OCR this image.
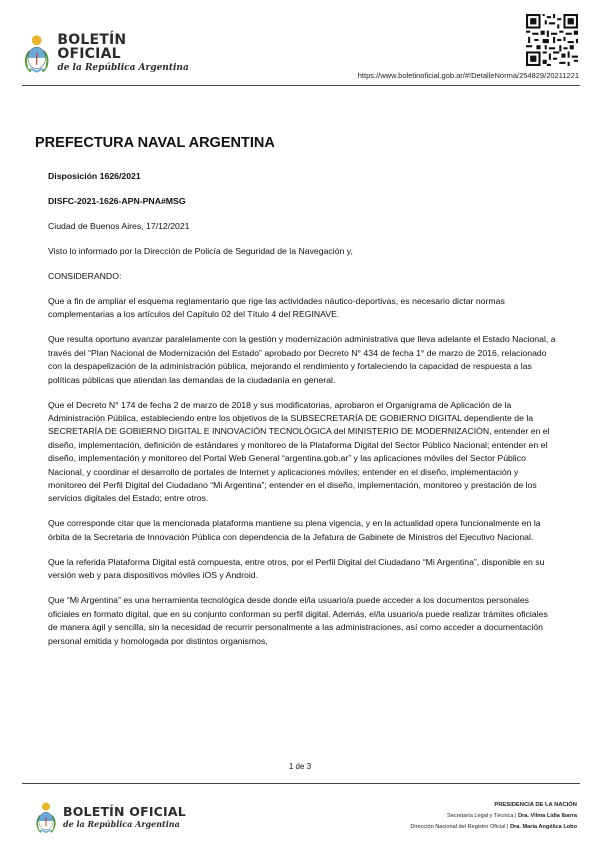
BOLETÍN OFICIAL
de la República Argentina
https://www.boletinoficial.gob.ar/#!DetalleNorma/254829/20211221
PREFECTURA NAVAL ARGENTINA

Disposición 1626/2021

DISFC-2021-1626-APN-PNA#MSG

Ciudad de Buenos Aires, 17/12/2021

Visto lo informado por la Dirección de Policía de Seguridad de la Navegación y,

CONSIDERANDO:

Que a fin de ampliar el esquema reglamentario que rige las actividades náutico-deportivas, es necesario dictar normas complementarias a los artículos del Capítulo 02 del Título 4 del REGINAVE.

Que resulta oportuno avanzar paralelamente con la gestión y modernización administrativa que lleva adelante el Estado Nacional, a través del “Plan Nacional de Modernización del Estado” aprobado por Decreto N° 434 de fecha 1° de marzo de 2016, relacionado con la despapelización de la administración pública, mejorando el rendimiento y fortaleciendo la capacidad de respuesta a las políticas públicas que atiendan las demandas de la ciudadanía en general.

Que el Decreto N° 174 de fecha 2 de marzo de 2018 y sus modificatorias, aprobaron el Organigrama de Aplicación de la Administración Pública, estableciendo entre los objetivos de la SUBSECRETARÍA DE GOBIERNO DIGITAL dependiente de la SECRETARÍA DE GOBIERNO DIGITAL E INNOVACIÓN TECNOLÓGICA del MINISTERIO DE MODERNIZACIÓN, entender en el diseño, implementación, definición de estándares y monitoreo de la Plataforma Digital del Sector Público Nacional; entender en el diseño, implementación y monitoreo del Portal Web General “argentina.gob.ar” y las aplicaciones móviles del Sector Público Nacional, y coordinar el desarrollo de portales de Internet y aplicaciones móviles; entender en el diseño, implementación y monitoreo del Perfil Digital del Ciudadano “Mi Argentina”; entender en el diseño, implementación, monitoreo y prestación de los servicios digitales del Estado; entre otros.

Que corresponde citar que la mencionada plataforma mantiene su plena vigencia, y en la actualidad opera funcionalmente en la órbita de la Secretaria de Innovación Pública con dependencia de la Jefatura de Gabinete de Ministros del Ejecutivo Nacional.

Que la referida Plataforma Digital está compuesta, entre otros, por el Perfil Digital del Ciudadano “Mi Argentina”, disponible en su versión web y para dispositivos móviles iOS y Android.

Que “Mi Argentina” es una herramienta tecnológica desde donde el/la usuario/a puede acceder a los documentos personales oficiales en formato digital, que en su conjunto conforman su perfil digital. Además, el/la usuario/a puede realizar trámites oficiales de manera ágil y sencilla, sin la necesidad de recurrir personalmente a las administraciones, así como acceder a documentación personal emitida y homologada por distintos organismos,

1 de 3
BOLETÍN OFICIAL
de la República Argentina
PRESIDENCIA DE LA NACIÓN
Secretaría Legal y Técnica | Dra. Vilma Lidia Ibarra
Dirección Nacional del Registro Oficial | Dra. María Angélica Lobo
